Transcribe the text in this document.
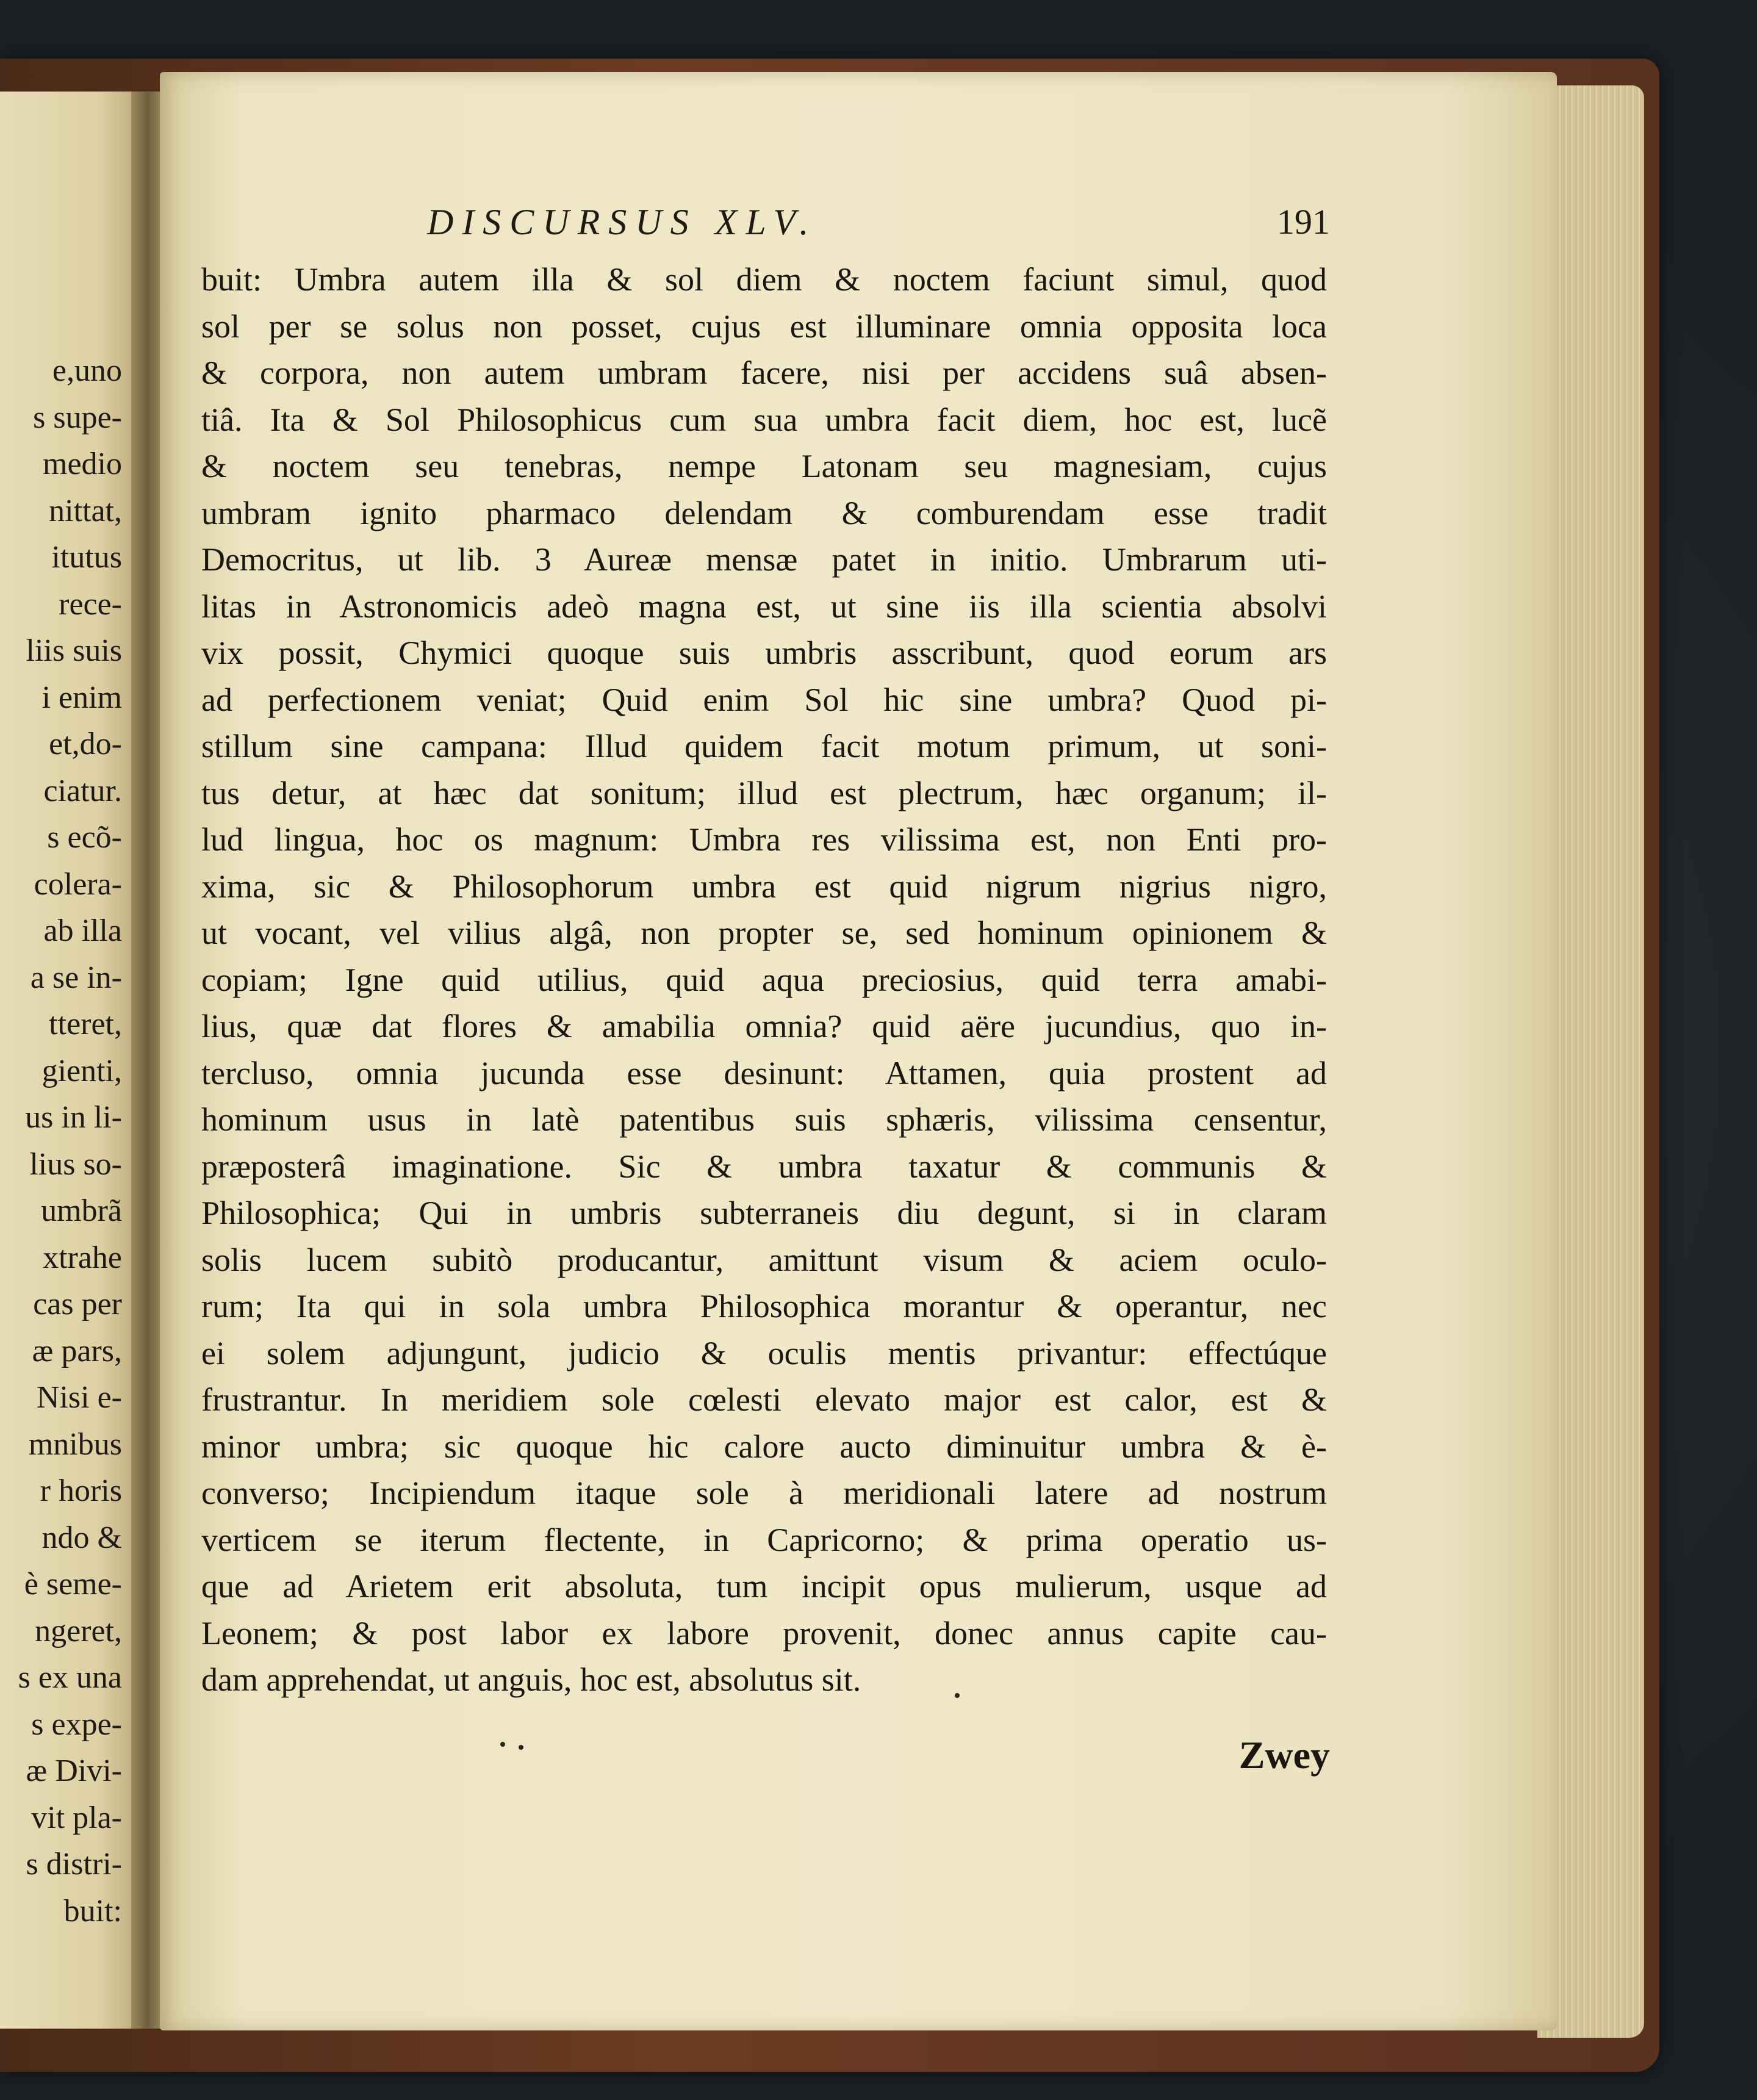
e,uno
s supe-
medio
nittat,
itutus
rece-
liis suis
i enim
et,do-
ciatur.
s ecõ-
colera-
ab illa
a se in-
tteret,
gienti,
us in li-
lius so-
umbrã
xtrahe
cas per
æ pars,
Nisi e-
mnibus
r horis
ndo &
è seme-
ngeret,
s ex una
s expe-
æ Divi-
vit pla-
s distri-
buit:
DISCURSUS XLV.	191
buit: Umbra autem illa & sol diem & noctem faciunt simul, quod
sol per se solus non posset, cujus est illuminare omnia opposita loca
& corpora, non autem umbram facere, nisi per accidens suâ absen-
tiâ. Ita & Sol Philosophicus cum sua umbra facit diem, hoc est, lucẽ
& noctem seu tenebras, nempe Latonam seu magnesiam, cujus
umbram ignito pharmaco delendam & comburendam esse tradit
Democritus, ut lib. 3 Aureæ mensæ patet in initio. Umbrarum uti-
litas in Astronomicis adeò magna est, ut sine iis illa scientia absolvi
vix possit, Chymici quoque suis umbris asscribunt, quod eorum ars
ad perfectionem veniat; Quid enim Sol hic sine umbra? Quod pi-
stillum sine campana: Illud quidem facit motum primum, ut soni-
tus detur, at hæc dat sonitum; illud est plectrum, hæc organum; il-
lud lingua, hoc os magnum: Umbra res vilissima est, non Enti pro-
xima, sic & Philosophorum umbra est quid nigrum nigrius nigro,
ut vocant, vel vilius algâ, non propter se, sed hominum opinionem &
copiam; Igne quid utilius, quid aqua preciosius, quid terra amabi-
lius, quæ dat flores & amabilia omnia? quid aëre jucundius, quo in-
terclusо, omnia jucunda esse desinunt: Attamen, quia prostent ad
hominum usus in latè patentibus suis sphæris, vilissima censentur,
præposterâ imaginatione. Sic & umbra taxatur & communis &
Philosophica; Qui in umbris subterraneis diu degunt, si in claram
solis lucem subitò producantur, amittunt visum & aciem oculo-
rum; Ita qui in sola umbra Philosophica morantur & operantur, nec
ei solem adjungunt, judicio & oculis mentis privantur: effectúque
frustrantur. In meridiem sole cœlesti elevato major est calor, est &
minor umbra; sic quoque hic calore aucto diminuitur umbra & è-
converso; Incipiendum itaque sole à meridionali latere ad nostrum
verticem se iterum flectente, in Capricorno; & prima operatio us-
que ad Arietem erit absoluta, tum incipit opus mulierum, usque ad
Leonem; & post labor ex labore provenit, donec annus capite cau-
dam apprehendat, ut anguis, hoc est, absolutus sit.
Zwey
